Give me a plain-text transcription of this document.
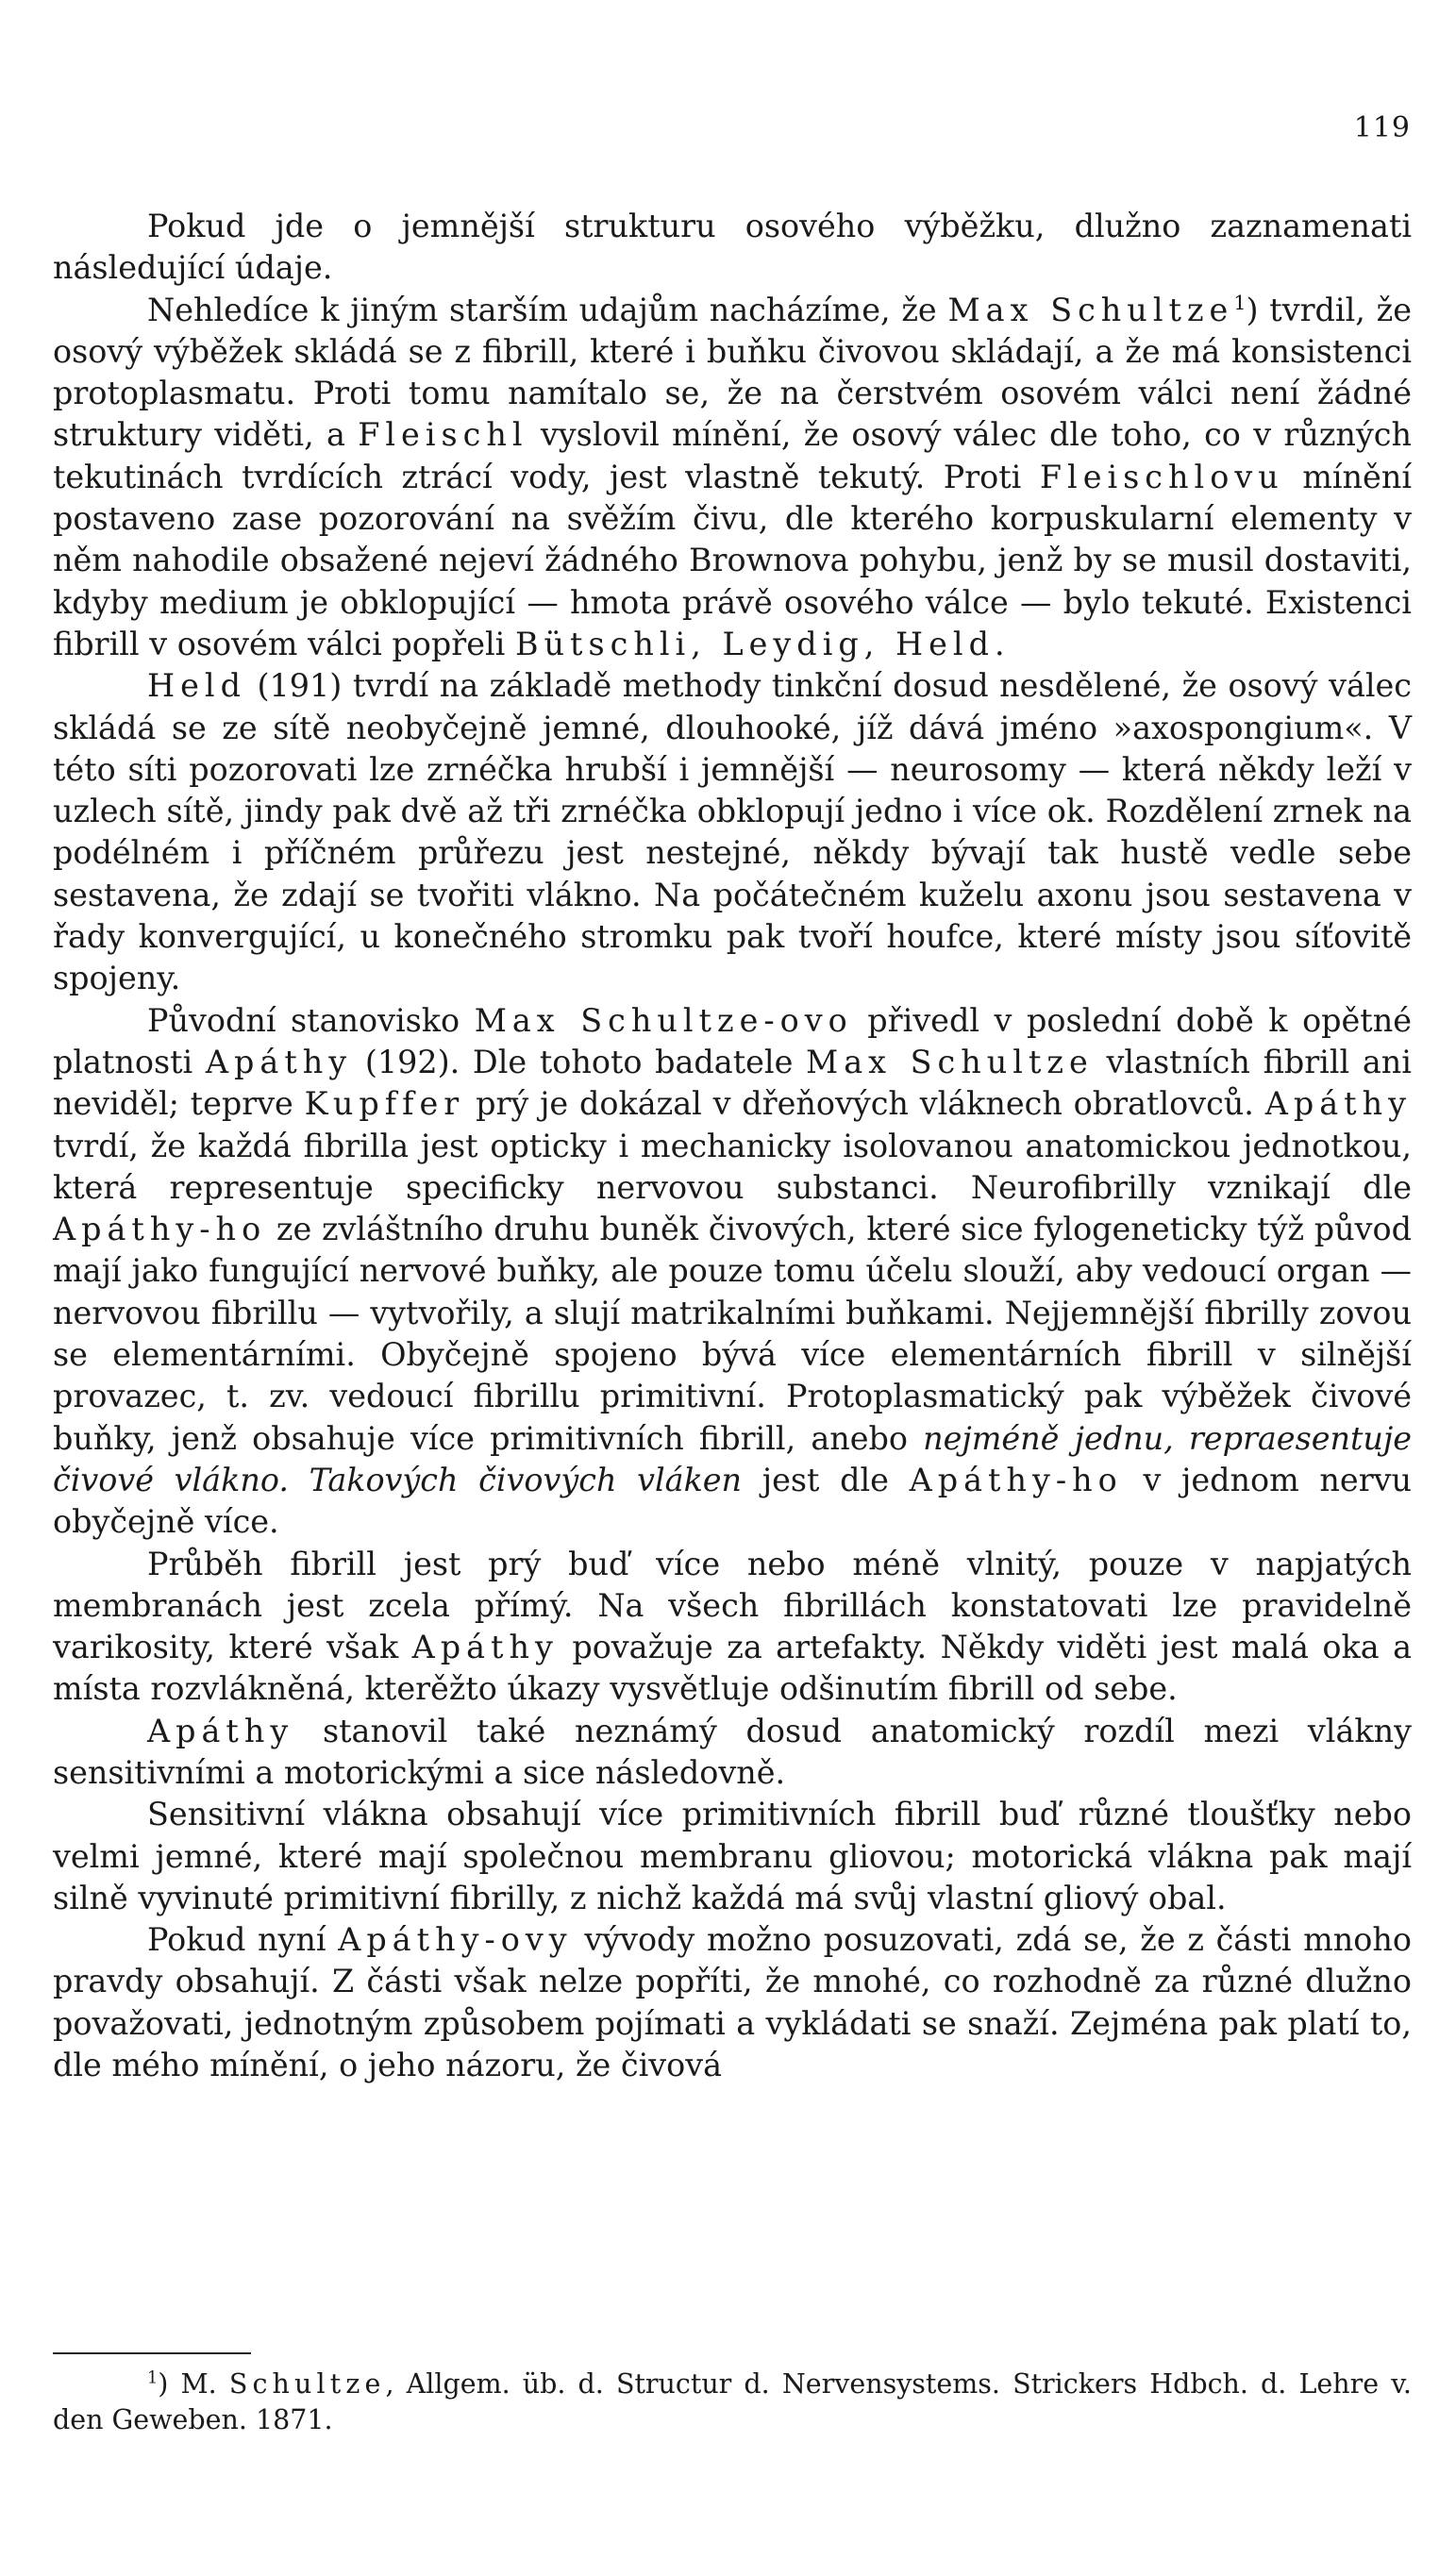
119

Pokud jde o jemnější strukturu osového výběžku, dlužno zaznamenati následující údaje.

Nehledíce k jiným starším udajům nacházíme, že Max Schultze$^1$) tvrdil, že osový výběžek skládá se z fibrill, které i buňku čivovou skládají, a že má konsistenci protoplasmatu. Proti tomu namítalo se, že na čerstvém osovém válci není žádné struktury viděti, a Fleischl vyslovil mínění, že osový válec dle toho, co v různých tekutinách tvrdících ztrácí vody, jest vlastně tekutý. Proti Fleischlovu mínění postaveno zase pozorování na svěžím čivu, dle kterého korpuskularní elementy v něm nahodile obsažené nejeví žádného Brownova pohybu, jenž by se musil dostaviti, kdyby medium je obklopující — hmota právě osového válce — bylo tekuté. Existenci fibrill v osovém válci popřeli Bütschli, Leydig, Held.

Held (191) tvrdí na základě methody tinkční dosud nesdělené, že osový válec skládá se ze sítě neobyčejně jemné, dlouhooké, jíž dává jméno »axospongium«. V této síti pozorovati lze zrnéčka hrubší i jemnější — neurosomy — která někdy leží v uzlech sítě, jindy pak dvě až tři zrnéčka obklopují jedno i více ok. Rozdělení zrnek na podélném i příčném průřezu jest nestejné, někdy bývají tak hustě vedle sebe sestavena, že zdají se tvořiti vlákno. Na počátečném kuželu axonu jsou sestavena v řady konvergující, u konečného stromku pak tvoří houfce, které místy jsou síťovitě spojeny.

Původní stanovisko Max Schultze-ovo přivedl v poslední době k opětné platnosti Apáthy (192). Dle tohoto badatele Max Schultze vlastních fibrill ani neviděl; teprve Kupffer prý je dokázal v dřeňových vláknech obratlovců. Apáthy tvrdí, že každá fibrilla jest opticky i mechanicky isolovanou anatomickou jednotkou, která representuje specificky nervovou substanci. Neurofibrilly vznikají dle Apáthy-ho ze zvláštního druhu buněk čivových, které sice fylogeneticky týž původ mají jako fungující nervové buňky, ale pouze tomu účelu slouží, aby vedoucí organ — nervovou fibrillu — vytvořily, a slují matrikalními buňkami. Nejjemnější fibrilly zovou se elementárními. Obyčejně spojeno bývá více elementárních fibrill v silnější provazec, t. zv. vedoucí fibrillu primitivní. Protoplasmatický pak výběžek čivové buňky, jenž obsahuje více primitivních fibrill, anebo nejméně jednu, repraesentuje čivové vlákno. Takových čivových vláken jest dle Apáthy-ho v jednom nervu obyčejně více.

Průběh fibrill jest prý buď více nebo méně vlnitý, pouze v napjatých membranách jest zcela přímý. Na všech fibrillách konstatovati lze pravidelně varikosity, které však Apáthy považuje za artefakty. Někdy viděti jest malá oka a místa rozvlákněná, kterěžto úkazy vysvětluje odšinutím fibrill od sebe.

Apáthy stanovil také neznámý dosud anatomický rozdíl mezi vlákny sensitivními a motorickými a sice následovně.

Sensitivní vlákna obsahují více primitivních fibrill buď různé tloušťky nebo velmi jemné, které mají společnou membranu gliovou; motorická vlákna pak mají silně vyvinuté primitivní fibrilly, z nichž každá má svůj vlastní gliový obal.

Pokud nyní Apáthy-ovy vývody možno posuzovati, zdá se, že z části mnoho pravdy obsahují. Z části však nelze popříti, že mnohé, co rozhodně za různé dlužno považovati, jednotným způsobem pojímati a vykládati se snaží. Zejména pak platí to, dle mého mínění, o jeho názoru, že čivová

$^1$) M. Schultze, Allgem. üb. d. Structur d. Nervensystems. Strickers Hdbch. d. Lehre v. den Geweben. 1871.
